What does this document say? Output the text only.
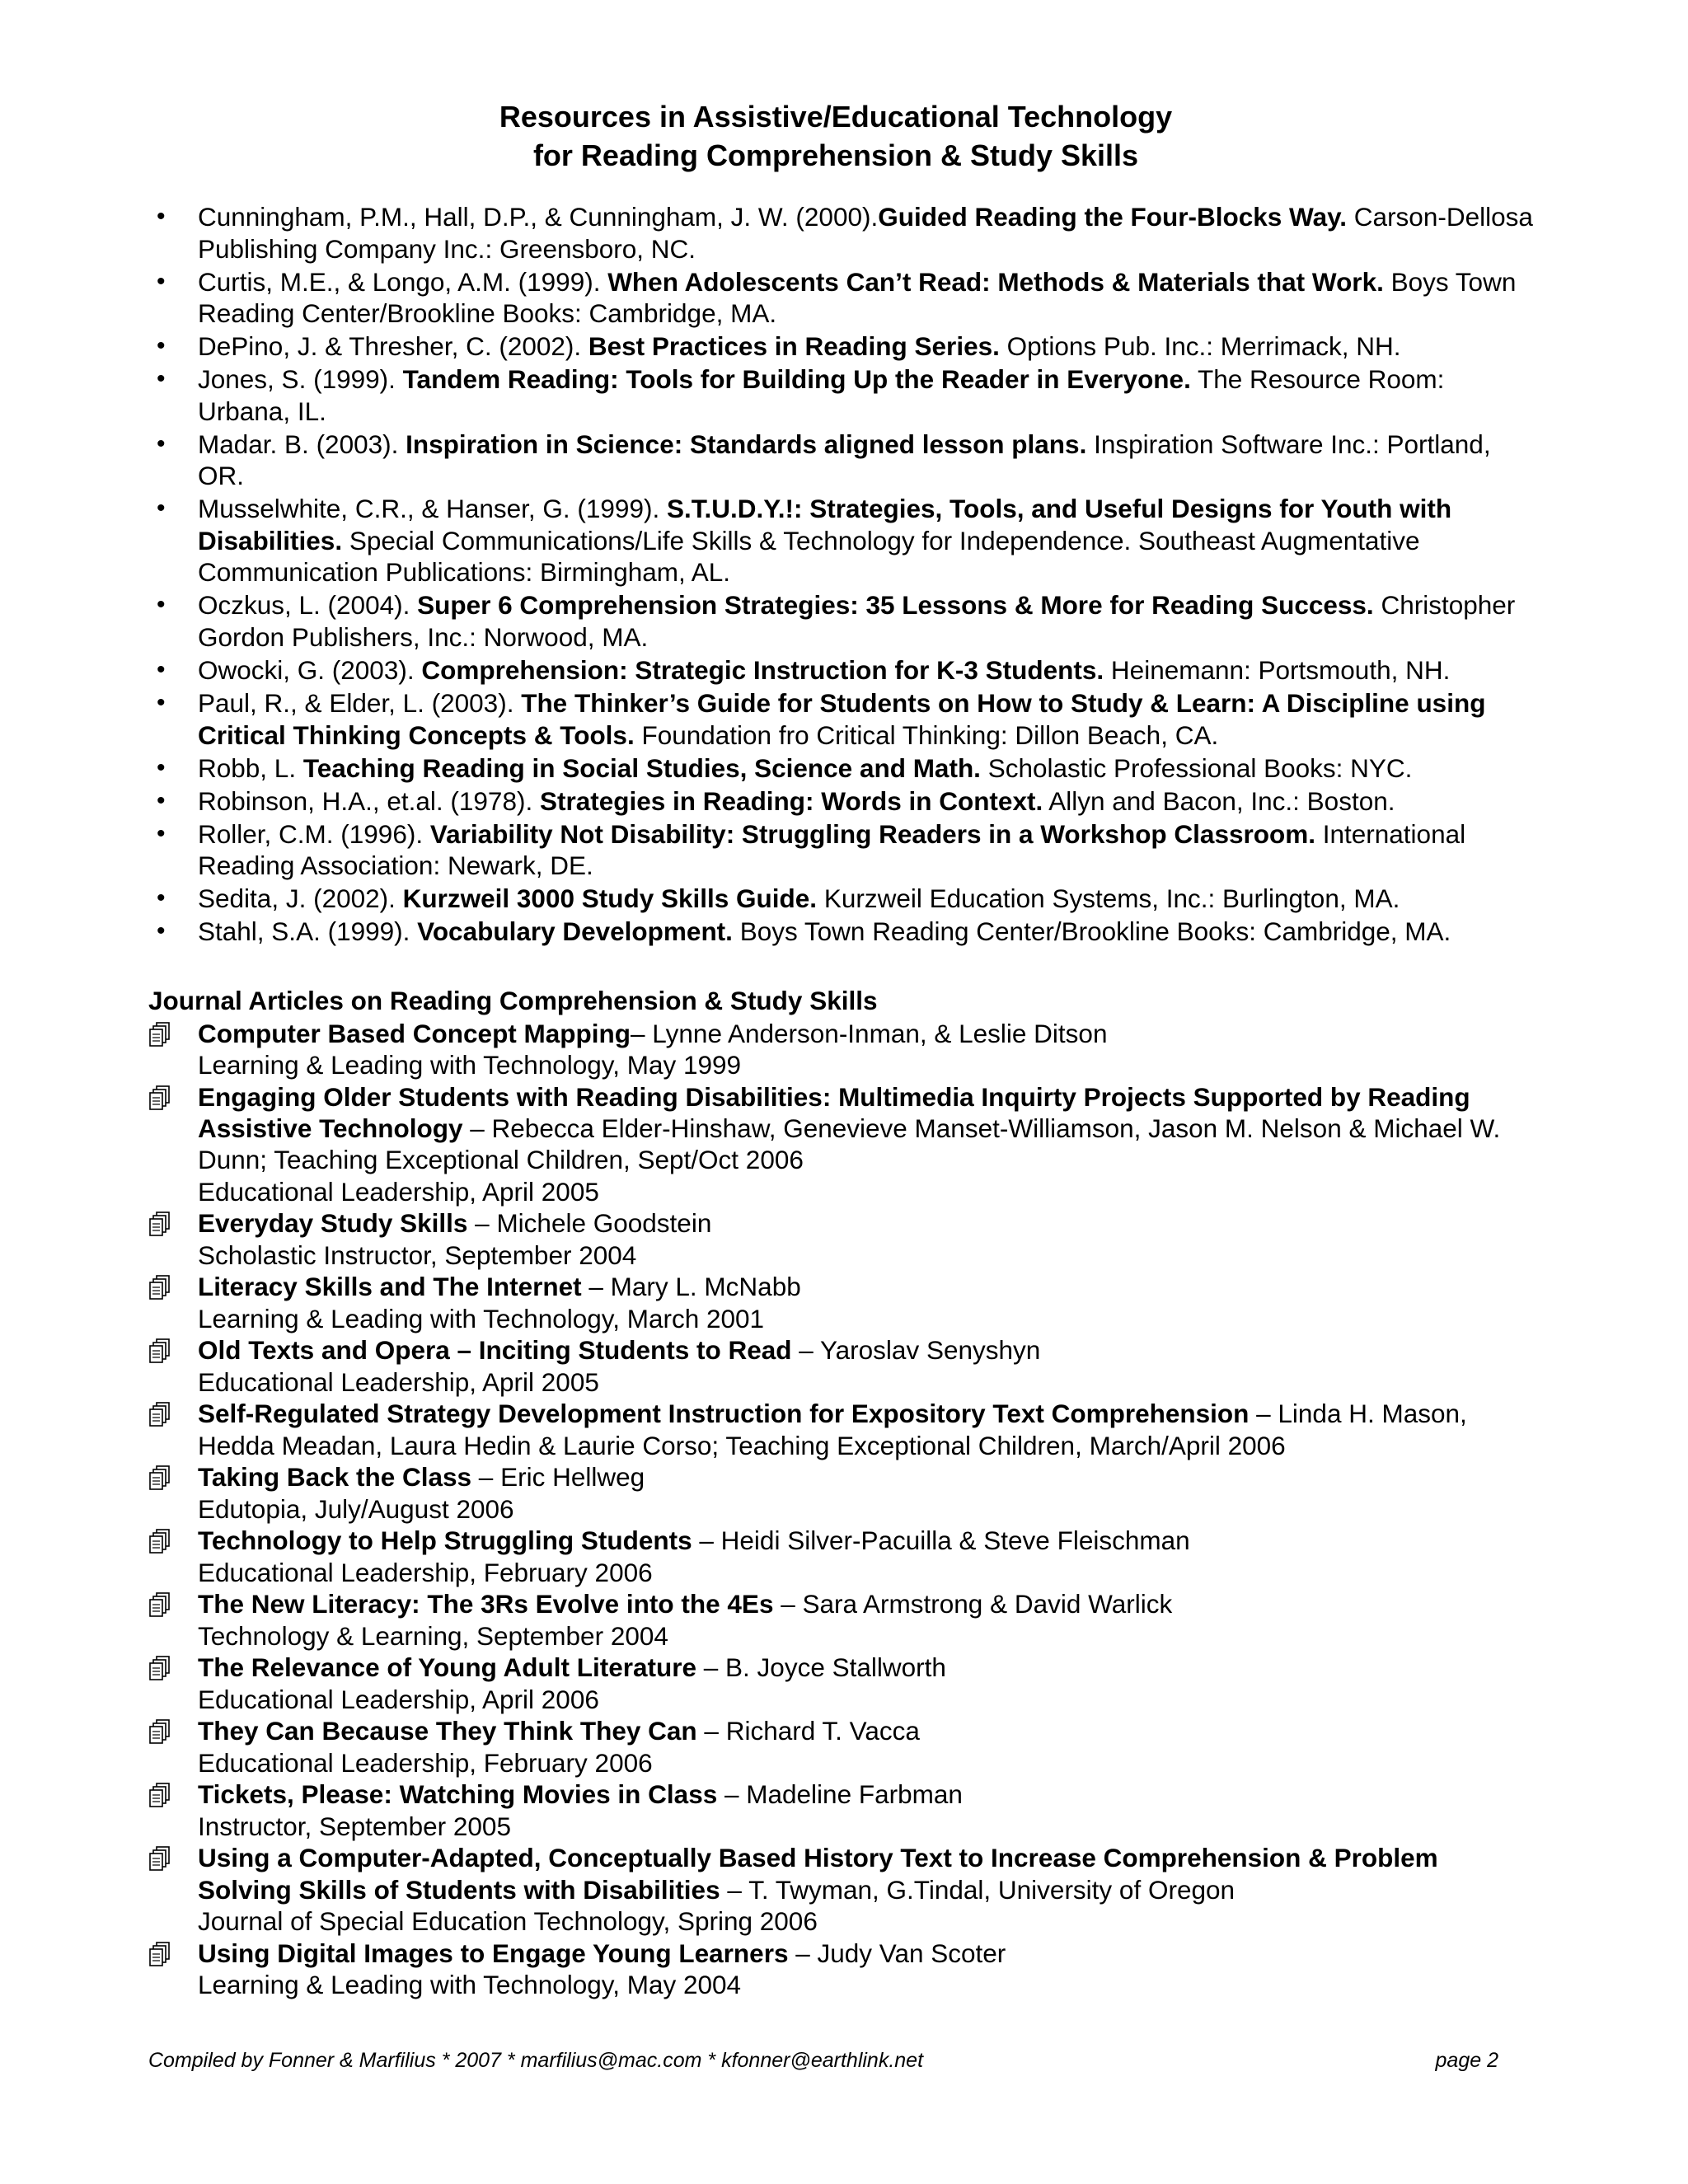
Resources in Assistive/Educational Technology
for Reading Comprehension & Study Skills
• Cunningham, P.M., Hall, D.P., & Cunningham, J. W. (2000).Guided Reading the Four-Blocks Way. Carson-Dellosa Publishing Company Inc.: Greensboro, NC.
• Curtis, M.E., & Longo, A.M. (1999). When Adolescents Can’t Read: Methods & Materials that Work. Boys Town Reading Center/Brookline Books: Cambridge, MA.
• DePino, J. & Thresher, C. (2002). Best Practices in Reading Series. Options Pub. Inc.: Merrimack, NH.
• Jones, S. (1999). Tandem Reading: Tools for Building Up the Reader in Everyone. The Resource Room: Urbana, IL.
• Madar. B. (2003). Inspiration in Science: Standards aligned lesson plans. Inspiration Software Inc.: Portland, OR.
• Musselwhite, C.R., & Hanser, G. (1999). S.T.U.D.Y.!: Strategies, Tools, and Useful Designs for Youth with Disabilities. Special Communications/Life Skills & Technology for Independence. Southeast Augmentative Communication Publications: Birmingham, AL.
• Oczkus, L. (2004). Super 6 Comprehension Strategies: 35 Lessons & More for Reading Success. Christopher Gordon Publishers, Inc.: Norwood, MA.
• Owocki, G. (2003). Comprehension: Strategic Instruction for K-3 Students. Heinemann: Portsmouth, NH.
• Paul, R., & Elder, L. (2003). The Thinker’s Guide for Students on How to Study & Learn: A Discipline using Critical Thinking Concepts & Tools. Foundation fro Critical Thinking: Dillon Beach, CA.
• Robb, L. Teaching Reading in Social Studies, Science and Math. Scholastic Professional Books: NYC.
• Robinson, H.A., et.al. (1978). Strategies in Reading: Words in Context. Allyn and Bacon, Inc.: Boston.
• Roller, C.M. (1996). Variability Not Disability: Struggling Readers in a Workshop Classroom. International Reading Association: Newark, DE.
• Sedita, J. (2002). Kurzweil 3000 Study Skills Guide. Kurzweil Education Systems, Inc.: Burlington, MA.
• Stahl, S.A. (1999). Vocabulary Development. Boys Town Reading Center/Brookline Books: Cambridge, MA.
Journal Articles on Reading Comprehension & Study Skills
Computer Based Concept Mapping– Lynne Anderson-Inman, & Leslie Ditson
Learning & Leading with Technology, May 1999
Engaging Older Students with Reading Disabilities: Multimedia Inquirty Projects Supported by Reading Assistive Technology – Rebecca Elder-Hinshaw, Genevieve Manset-Williamson, Jason M. Nelson & Michael W. Dunn; Teaching Exceptional Children, Sept/Oct 2006
Educational Leadership, April 2005
Everyday Study Skills – Michele Goodstein
Scholastic Instructor, September 2004
Literacy Skills and The Internet – Mary L. McNabb
Learning & Leading with Technology, March 2001
Old Texts and Opera – Inciting Students to Read – Yaroslav Senyshyn
Educational Leadership, April 2005
Self-Regulated Strategy Development Instruction for Expository Text Comprehension – Linda H. Mason, Hedda Meadan, Laura Hedin & Laurie Corso; Teaching Exceptional Children, March/April 2006
Taking Back the Class – Eric Hellweg
Edutopia, July/August 2006
Technology to Help Struggling Students – Heidi Silver-Pacuilla & Steve Fleischman
Educational Leadership, February 2006
The New Literacy: The 3Rs Evolve into the 4Es – Sara Armstrong & David Warlick
Technology & Learning, September 2004
The Relevance of Young Adult Literature – B. Joyce Stallworth
Educational Leadership, April 2006
They Can Because They Think They Can – Richard T. Vacca
Educational Leadership, February 2006
Tickets, Please: Watching Movies in Class – Madeline Farbman
Instructor, September 2005
Using a Computer-Adapted, Conceptually Based History Text to Increase Comprehension & Problem Solving Skills of Students with Disabilities – T. Twyman, G.Tindal, University of Oregon
Journal of Special Education Technology, Spring 2006
Using Digital Images to Engage Young Learners – Judy Van Scoter
Learning & Leading with Technology, May 2004
Compiled by Fonner & Marfilius * 2007 * marfilius@mac.com * kfonner@earthlink.net	page 2
